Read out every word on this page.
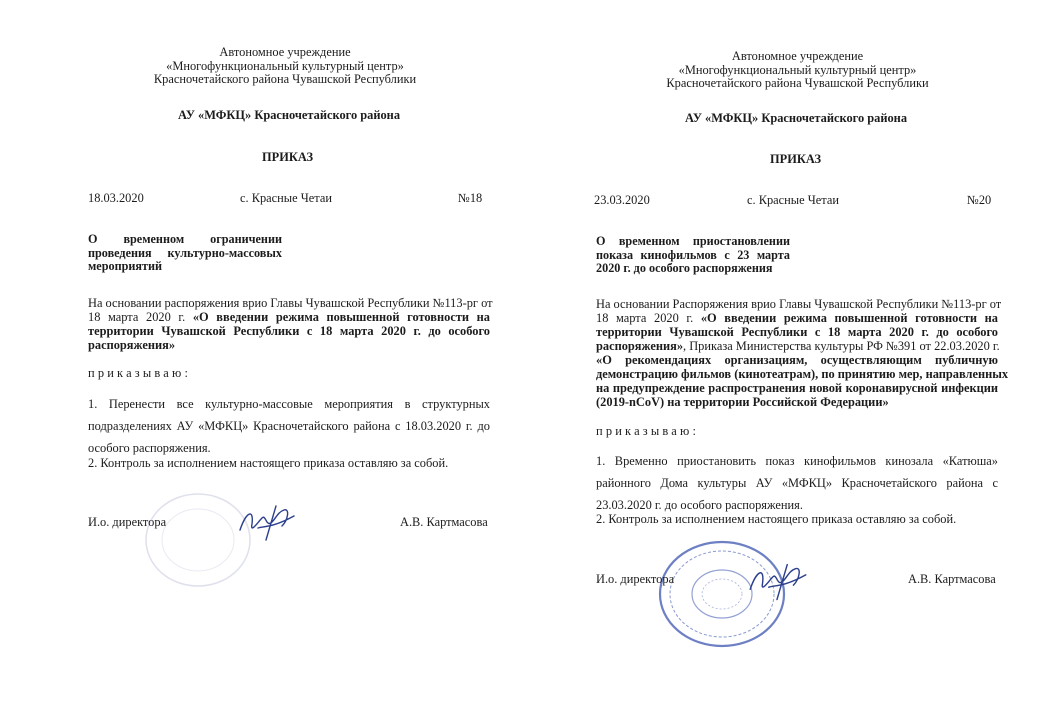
Автономное учреждение
«Многофункциональный культурный центр»
Красночетайского района Чувашской Республики
АУ «МФКЦ» Красночетайского района
ПРИКАЗ
18.03.2020	с. Красные Четаи	№18
О временном ограничении
проведения культурно-массовых
мероприятий
На основании распоряжения врио Главы Чувашской Республики №113-рг от
18 марта 2020 г. «О введении режима повышенной готовности на
территории Чувашской Республики с 18 марта 2020 г. до особого
распоряжения»
приказываю:
1. Перенести все культурно-массовые мероприятия в структурных
подразделениях АУ «МФКЦ» Красночетайского района с 18.03.2020 г. до
особого распоряжения.
2. Контроль за исполнением настоящего приказа оставляю за собой.
И.о. директора	А.В. Картмасова
Автономное учреждение
«Многофункциональный культурный центр»
Красночетайского района Чувашской Республики
АУ «МФКЦ» Красночетайского района
ПРИКАЗ
23.03.2020	с. Красные Четаи	№20
О временном приостановлении
показа кинофильмов с 23 марта
2020 г. до особого распоряжения
На основании Распоряжения врио Главы Чувашской Республики №113-рг от
18 марта 2020 г. «О введении режима повышенной готовности на
территории Чувашской Республики с 18 марта 2020 г. до особого
распоряжения», Приказа Министерства культуры РФ №391 от 22.03.2020 г.
«О рекомендациях организациям, осуществляющим публичную
демонстрацию фильмов (кинотеатрам), по принятию мер, направленных
на предупреждение распространения новой коронавирусной инфекции
(2019-nCoV) на территории Российской Федерации»
приказываю:
1. Временно приостановить показ кинофильмов кинозала «Катюша»
районного Дома культуры АУ «МФКЦ» Красночетайского района с
23.03.2020 г. до особого распоряжения.
2. Контроль за исполнением настоящего приказа оставляю за собой.
И.о. директора	А.В. Картмасова
